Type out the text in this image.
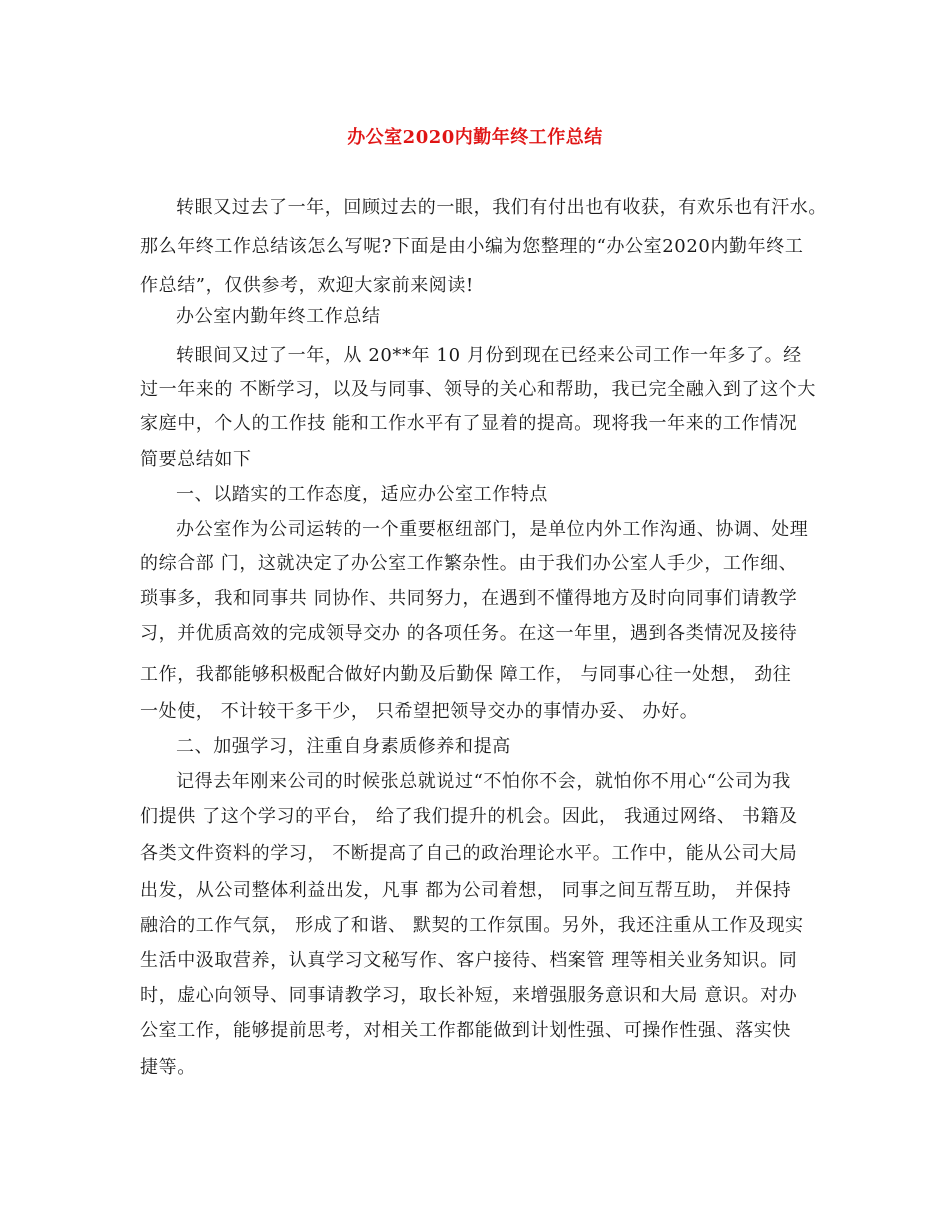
办公室2020内勤年终工作总结
转眼又过去了一年，回顾过去的一眼，我们有付出也有收获，有欢乐也有汗水。
那么年终工作总结该怎么写呢?下面是由小编为您整理的“办公室2020内勤年终工
作总结”，仅供参考，欢迎大家前来阅读!
办公室内勤年终工作总结
转眼间又过了一年，从 20**年 10 月份到现在已经来公司工作一年多了。经
过一年来的 不断学习，以及与同事、领导的关心和帮助，我已完全融入到了这个大
家庭中，个人的工作技 能和工作水平有了显着的提高。现将我一年来的工作情况
简要总结如下
一、以踏实的工作态度，适应办公室工作特点
办公室作为公司运转的一个重要枢纽部门，是单位内外工作沟通、协调、处理
的综合部 门，这就决定了办公室工作繁杂性。由于我们办公室人手少，工作细、
琐事多，我和同事共 同协作、共同努力，在遇到不懂得地方及时向同事们请教学
习，并优质高效的完成领导交办 的各项任务。在这一年里，遇到各类情况及接待
工作，我都能够积极配合做好内勤及后勤保 障工作， 与同事心往一处想， 劲往
一处使， 不计较干多干少， 只希望把领导交办的事情办妥、 办好。
二、加强学习，注重自身素质修养和提高
记得去年刚来公司的时候张总就说过“不怕你不会，就怕你不用心“公司为我
们提供 了这个学习的平台， 给了我们提升的机会。因此， 我通过网络、 书籍及
各类文件资料的学习， 不断提高了自己的政治理论水平。工作中，能从公司大局
出发，从公司整体利益出发，凡事 都为公司着想， 同事之间互帮互助， 并保持
融洽的工作气氛， 形成了和谐、 默契的工作氛围。另外，我还注重从工作及现实
生活中汲取营养，认真学习文秘写作、客户接待、档案管 理等相关业务知识。同
时，虚心向领导、同事请教学习，取长补短，来增强服务意识和大局 意识。对办
公室工作，能够提前思考，对相关工作都能做到计划性强、可操作性强、落实快
捷等。
